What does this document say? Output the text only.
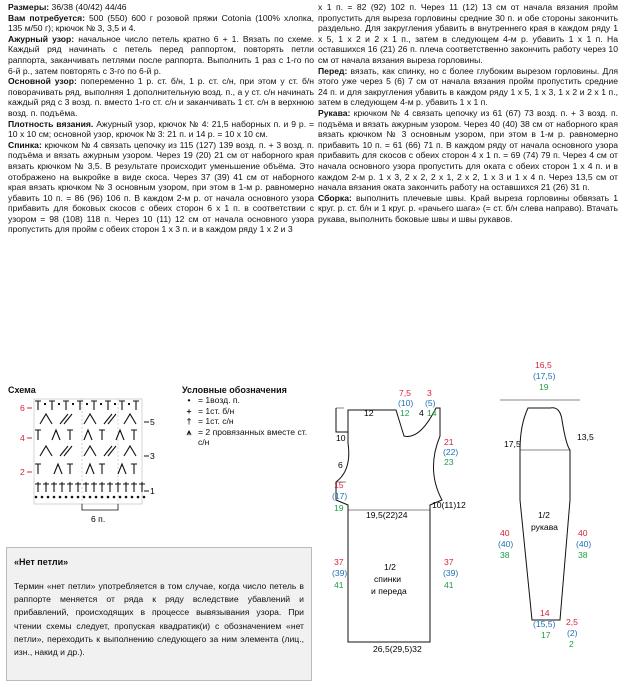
Размеры: 36/38 (40/42) 44/46

Вам потребуется: 500 (550) 600 г розовой пряжи Cotonia (100% хлопка, 135 м/50 г); крючок № 3, 3,5 и 4.

Ажурный узор: начальное число петель кратно 6 + 1. Вязать по схеме. Каждый ряд начинать с петель перед раппортом, повторять петли раппорта, заканчивать петлями после раппорта. Выполнить 1 раз с 1-го по 6-й р., затем повторять с 3-го по 6-й р.

Основной узор: попеременно 1 р. ст. б/н, 1 р. ст. с/н, при этом у ст. б/н поворачивать ряд, выполняя 1 дополнительную возд. п., а у ст. с/н начинать каждый ряд с 3 возд. п. вместо 1-го ст. с/н и заканчивать 1 ст. с/н в верхнюю возд. п. подъёма.

Плотность вязания. Ажурный узор, крючок № 4: 21,5 наборных п. и 9 р. = 10 х 10 см; основной узор, крючок № 3: 21 п. и 14 р. = 10 х 10 см.

Спинка: крючком № 4 связать цепочку из 115 (127) 139 возд. п. + 3 возд. п. подъёма и вязать ажурным узором. Через 19 (20) 21 см от наборного края вязать крючком № 3,5. В результате происходит уменьшение объёма. Это отображено на выкройке в виде скоса. Через 37 (39) 41 см от наборного края вязать крючком № 3 основным узором, при этом в 1-м р. равномерно убавить 10 п. = 86 (96) 106 п. В каждом 2-м р. от начала основного узора прибавить для боковых скосов с обеих сторон 6 х 1 п. в соответствии с узором = 98 (108) 118 п. Через 10 (11) 12 см от начала основного узора пропустить для пройм с обеих сторон 1 х 3 п. и в каждом ряду 1 х 2 и 3

х 1 п. = 82 (92) 102 п. Через 11 (12) 13 см от начала вязания пройм пропустить для выреза горловины средние 30 п. и обе стороны закончить раздельно. Для закругления убавить в внутреннего края в каждом ряду 1 х 5, 1 х 2 и 2 х 1 п., затем в следующем 4-м р. убавить 1 х 1 п. На оставшихся 16 (21) 26 п. плеча соответственно закончить работу через 10 см от начала вязания выреза горловины.

Перед: вязать, как спинку, но с более глубоким вырезом горловины. Для этого уже через 5 (6) 7 см от начала вязания пройм пропустить средние 24 п. и для закругления убавить в каждом ряду 1 х 5, 1 х 3, 1 х 2 и 2 х 1 п., затем в следующем 4-м р. убавить 1 х 1 п.

Рукава: крючком № 4 связать цепочку из 61 (67) 73 возд. п. + 3 возд. п. подъёма и вязать ажурным узором. Через 40 (40) 38 см от наборного края вязать крючком № 3 основным узором, при этом в 1-м р. равномерно прибавить 10 п. = 61 (66) 71 п. В каждом ряду от начала основного узора прибавить для скосов с обеих сторон 4 х 1 п. = 69 (74) 79 п. Через 4 см от начала основного узора пропустить для оката с обеих сторон 1 х 4 п. и в каждом 2-м р. 1 х 3, 2 х 2, 2 х 1, 2 х 2, 1 х 3 и 1 х 4 п. Через 13,5 см от начала вязания оката закончить работу на оставшихся 21 (26) 31 п.

Сборка: выполнить плечевые швы. Край выреза горловины обвязать 1 круг. р. ст. б/н и 1 круг. р. «рачьего шага» (= ст. б/н слева направо). Втачать рукава, выполнить боковые швы и швы рукавов.

Схема
6 п.
6
4
2
5
3
1
7,5
(10)
12
3
(5)
14
12	4
10
6
21
(22)
23
15
(17)
19
19,5(22)24
10(11)12
37
(39)
41
37
(39)
41
1/2
спинки
и переда
26,5(29,5)32
16,5
(17,5)
19
17,5
13,5
1/2
рукава
40
(40)
38
40
(40)
38
14
(15,5)
17
2,5
(2)
2
Условные обозначения
• = 1возд. п.
+ = 1ст. б/н
† = 1ст. с/н
⩚ = 2 провязанных вместе ст. с/н
«Нет петли»
Термин «нет петли» употребляется в том случае, когда число петель в раппорте меняется от ряда к ряду вследствие убавлений и прибавлений, происходящих в процессе вывязывания узора. При чтении схемы следует, пропуская квадратик(и) с обозначением «нет петли», переходить к выполнению следующего за ним элемента (лиц., изн., накид и др.).
